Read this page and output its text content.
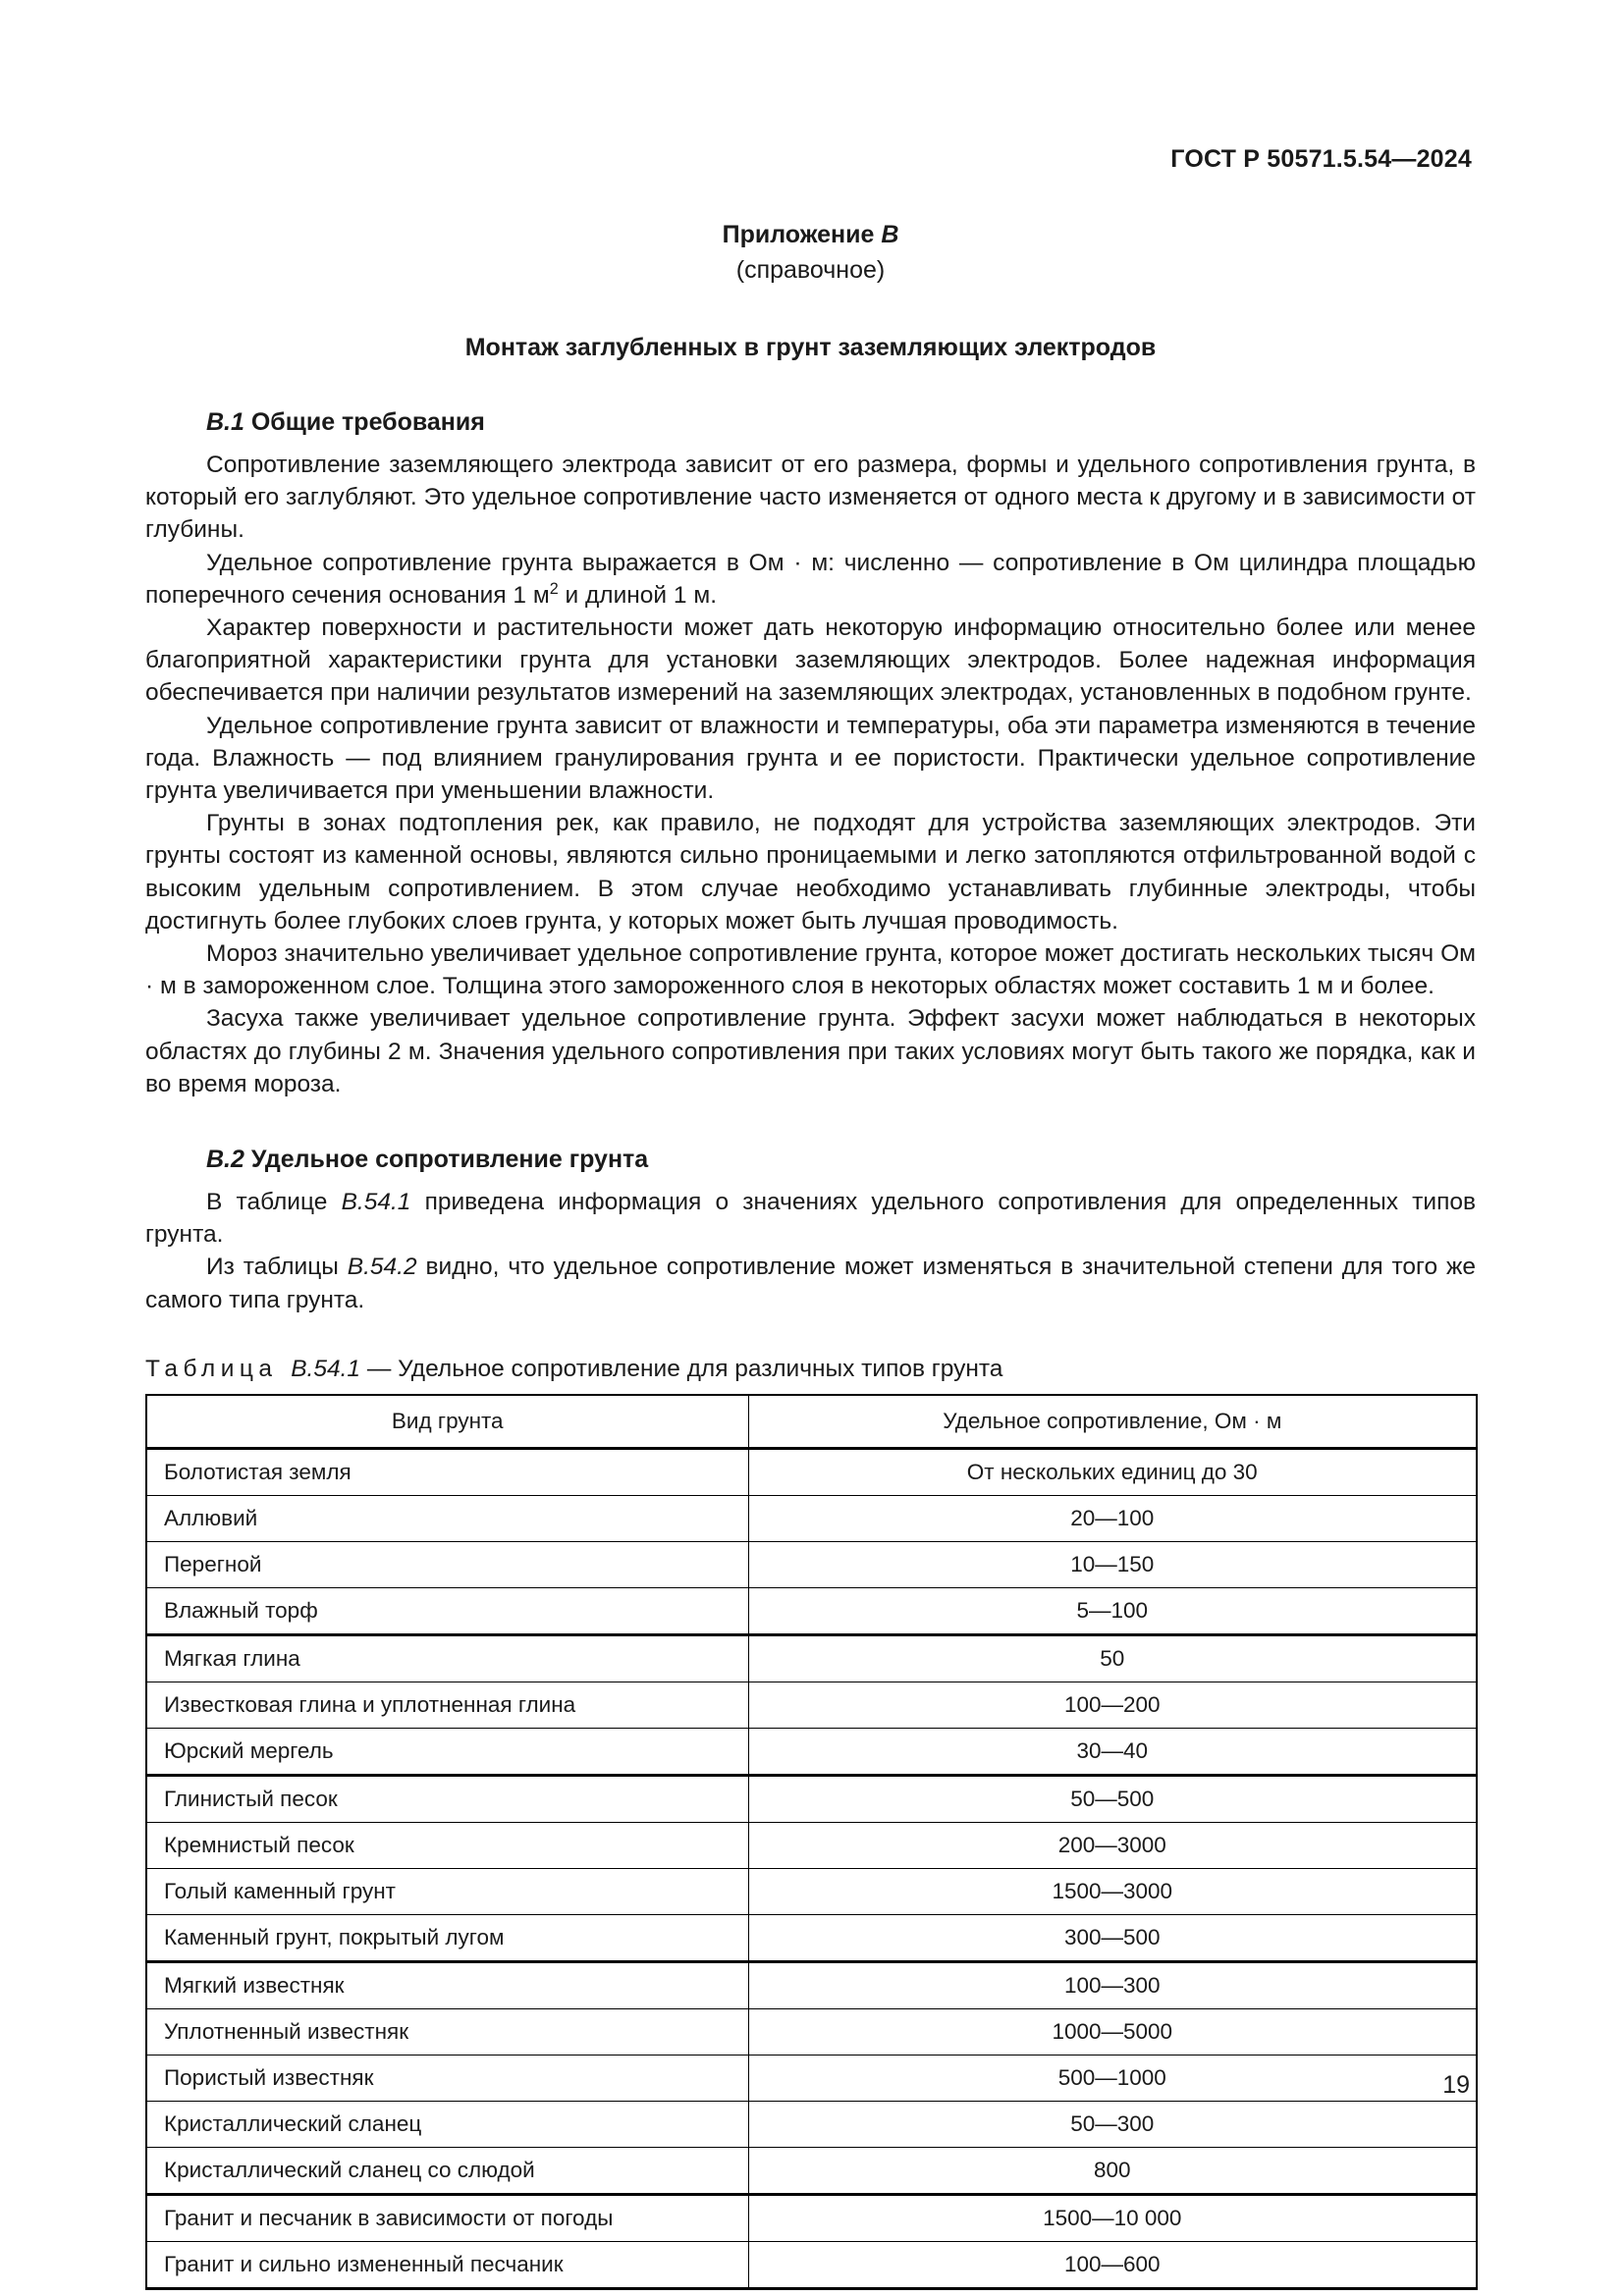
ГОСТ Р 50571.5.54—2024
Приложение В
(справочное)
Монтаж заглубленных в грунт заземляющих электродов
В.1 Общие требования

Сопротивление заземляющего электрода зависит от его размера, формы и удельного сопротивления грунта, в который его заглубляют. Это удельное сопротивление часто изменяется от одного места к другому и в зависимости от глубины.

Удельное сопротивление грунта выражается в Ом · м: численно — сопротивление в Ом цилиндра площадью поперечного сечения основания 1 $м^2$ и длиной 1 м.

Характер поверхности и растительности может дать некоторую информацию относительно более или менее благоприятной характеристики грунта для установки заземляющих электродов. Более надежная информация обеспечивается при наличии результатов измерений на заземляющих электродах, установленных в подобном грунте.

Удельное сопротивление грунта зависит от влажности и температуры, оба эти параметра изменяются в течение года. Влажность — под влиянием гранулирования грунта и ее пористости. Практически удельное сопротивление грунта увеличивается при уменьшении влажности.

Грунты в зонах подтопления рек, как правило, не подходят для устройства заземляющих электродов. Эти грунты состоят из каменной основы, являются сильно проницаемыми и легко затопляются отфильтрованной водой с высоким удельным сопротивлением. В этом случае необходимо устанавливать глубинные электроды, чтобы достигнуть более глубоких слоев грунта, у которых может быть лучшая проводимость.

Мороз значительно увеличивает удельное сопротивление грунта, которое может достигать нескольких тысяч Ом · м в замороженном слое. Толщина этого замороженного слоя в некоторых областях может составить 1 м и более.

Засуха также увеличивает удельное сопротивление грунта. Эффект засухи может наблюдаться в некоторых областях до глубины 2 м. Значения удельного сопротивления при таких условиях могут быть такого же порядка, как и во время мороза.

В.2 Удельное сопротивление грунта

В таблице В.54.1 приведена информация о значениях удельного сопротивления для определенных типов грунта.

Из таблицы В.54.2 видно, что удельное сопротивление может изменяться в значительной степени для того же самого типа грунта.

Таблица В.54.1 — Удельное сопротивление для различных типов грунта
Вид грунта	Удельное сопротивление, Ом · м
Болотистая земля	От нескольких единиц до 30
Аллювий	20—100
Перегной	10—150
Влажный торф	5—100
Мягкая глина	50
Известковая глина и уплотненная глина	100—200
Юрский мергель	30—40
Глинистый песок	50—500
Кремнистый песок	200—3000
Голый каменный грунт	1500—3000
Каменный грунт, покрытый лугом	300—500
Мягкий известняк	100—300
Уплотненный известняк	1000—5000
Пористый известняк	500—1000
Кристаллический сланец	50—300
Кристаллический сланец со слюдой	800
Гранит и песчаник в зависимости от погоды	1500—10 000
Гранит и сильно измененный песчаник	100—600
19
